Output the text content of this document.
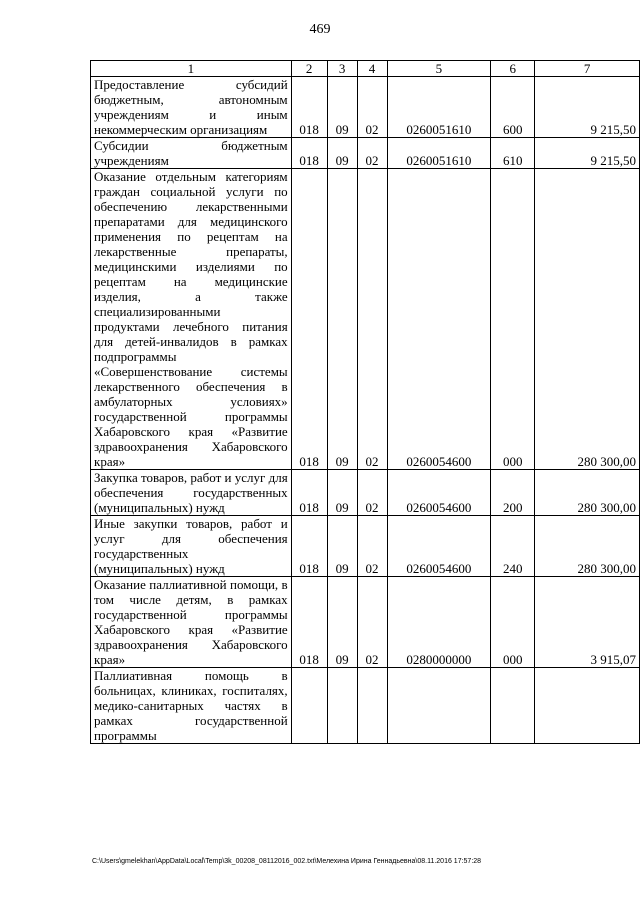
469
1	2	3	4	5	6	7
Предоставление субсидий бюджетным, автономным учреждениям и иным некоммерческим организациям	018	09	02	0260051610	600	9 215,50
Субсидии бюджетным учреждениям	018	09	02	0260051610	610	9 215,50
Оказание отдельным категориям граждан социальной услуги по обеспечению лекарственными препаратами для медицинского применения по рецептам на лекарственные препараты, медицинскими изделиями по рецептам на медицинские изделия, а также специализированными продуктами лечебного питания для детей-инвалидов в рамках подпрограммы «Совершенствование системы лекарственного обеспечения в амбулаторных условиях» государственной программы Хабаровского края «Развитие здравоохранения Хабаровского края»	018	09	02	0260054600	000	280 300,00
Закупка товаров, работ и услуг для обеспечения государственных (муниципальных) нужд	018	09	02	0260054600	200	280 300,00
Иные закупки товаров, работ и услуг для обеспечения государственных (муниципальных) нужд	018	09	02	0260054600	240	280 300,00
Оказание паллиативной помощи, в том числе детям, в рамках государственной программы Хабаровского края «Развитие здравоохранения Хабаровского края»	018	09	02	0280000000	000	3 915,07
Паллиативная помощь в больницах, клиниках, госпиталях, медико-санитарных частях в рамках государственной программы						
C:\Users\gmelekhan\AppData\Local\Temp\3k_00208_08112016_002.txt\Мелехина Ирина Геннадьевна\08.11.2016 17:57:28
